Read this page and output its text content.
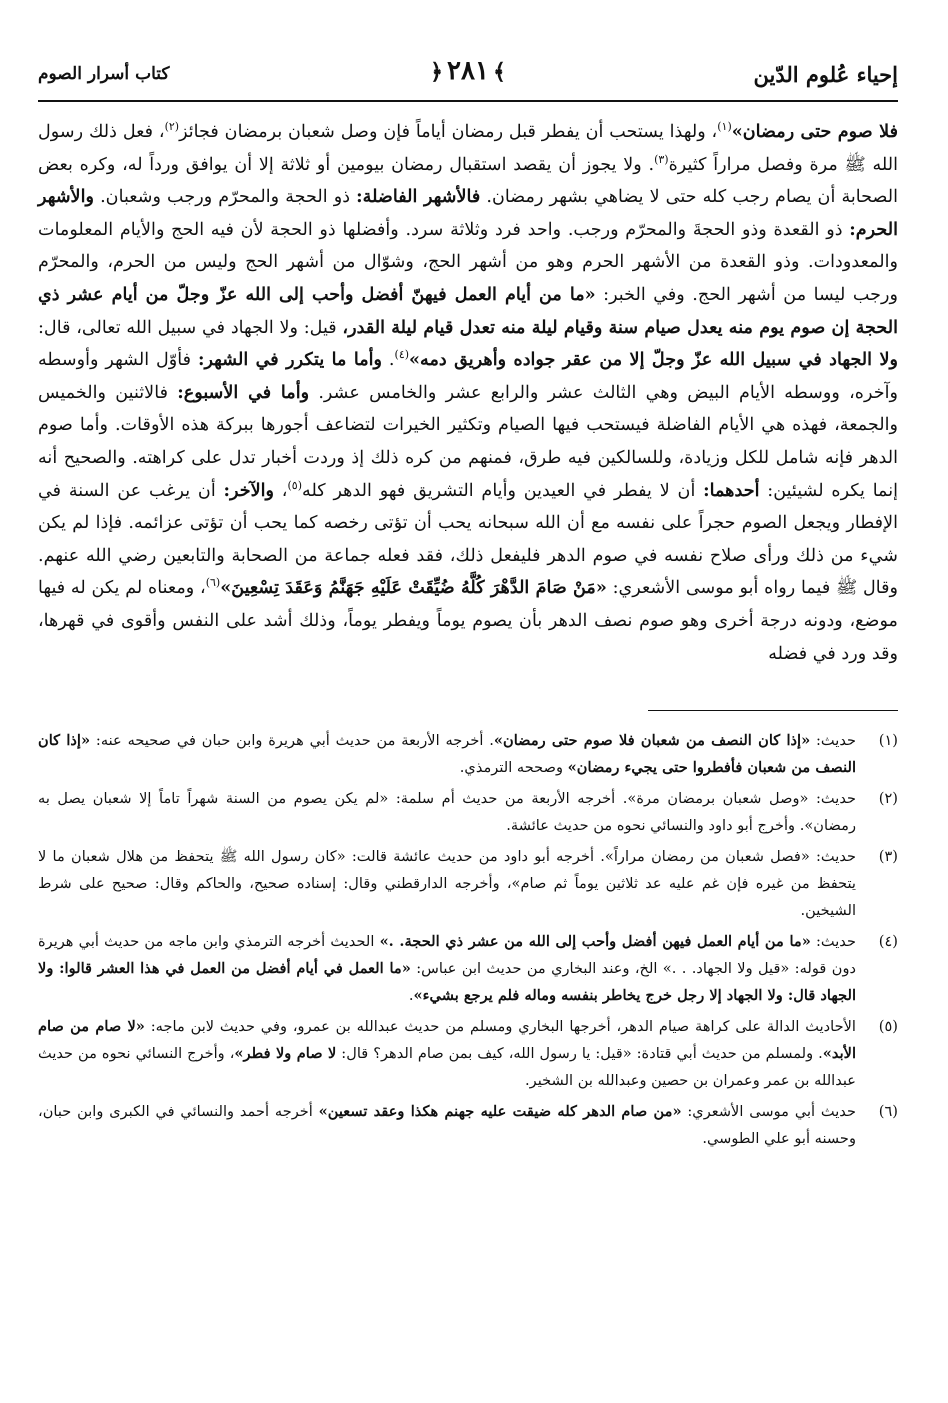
إحياء عُلوم الدّين
﴾٢٨١﴿
كتاب أسرار الصوم

فلا صوم حتى رمضان»$^{(١)}$، ولهذا يستحب أن يفطر قبل رمضان أياماً فإن وصل شعبان برمضان فجائز$^{(٢)}$، فعل ذلك رسول الله ﷺ مرة وفصل مراراً كثيرة$^{(٣)}$. ولا يجوز أن يقصد استقبال رمضان بيومين أو ثلاثة إلا أن يوافق ورداً له، وكره بعض الصحابة أن يصام رجب كله حتى لا يضاهي بشهر رمضان. فالأشهر الفاضلة: ذو الحجة والمحرّم ورجب وشعبان. والأشهر الحرم: ذو القعدة وذو الحجةَ والمحرّم ورجب. واحد فرد وثلاثة سرد. وأفضلها ذو الحجة لأن فيه الحج والأيام المعلومات والمعدودات. وذو القعدة من الأشهر الحرم وهو من أشهر الحج، وشوّال من أشهر الحج وليس من الحرم، والمحرّم ورجب ليسا من أشهر الحج. وفي الخبر: «ما من أيام العمل فيهنّ أفضل وأحب إلى الله عزّ وجلّ من أيام عشر ذي الحجة إن صوم يوم منه يعدل صيام سنة وقيام ليلة منه تعدل قيام ليلة القدر، قيل: ولا الجهاد في سبيل الله تعالى، قال: ولا الجهاد في سبيل الله عزّ وجلّ إلا من عقر جواده وأهريق دمه»$^{(٤)}$. وأما ما يتكرر في الشهر: فأوّل الشهر وأوسطه وآخره، ووسطه الأيام البيض وهي الثالث عشر والرابع عشر والخامس عشر. وأما في الأسبوع: فالاثنين والخميس والجمعة، فهذه هي الأيام الفاضلة فيستحب فيها الصيام وتكثير الخيرات لتضاعف أجورها ببركة هذه الأوقات. وأما صوم الدهر فإنه شامل للكل وزيادة، وللسالكين فيه طرق، فمنهم من كره ذلك إذ وردت أخبار تدل على كراهته. والصحيح أنه إنما يكره لشيئين: أحدهما: أن لا يفطر في العيدين وأيام التشريق فهو الدهر كله$^{(٥)}$، والآخر: أن يرغب عن السنة في الإفطار ويجعل الصوم حجراً على نفسه مع أن الله سبحانه يحب أن تؤتى رخصه كما يحب أن تؤتى عزائمه. فإذا لم يكن شيء من ذلك ورأى صلاح نفسه في صوم الدهر فليفعل ذلك، فقد فعله جماعة من الصحابة والتابعين رضي الله عنهم. وقال ﷺ فيما رواه أبو موسى الأشعري: «مَنْ صَامَ الدَّهْرَ كُلَّهُ ضُيِّقَتْ عَلَيْهِ جَهَنَّمُ وَعَقَدَ تِسْعِينَ»$^{(٦)}$، ومعناه لم يكن له فيها موضع، ودونه درجة أخرى وهو صوم نصف الدهر بأن يصوم يوماً ويفطر يوماً، وذلك أشد على النفس وأقوى في قهرها، وقد ورد في فضله

(١)
حديث: «إذا كان النصف من شعبان فلا صوم حتى رمضان». أخرجه الأربعة من حديث أبي هريرة وابن حبان في صحيحه عنه: «إذا كان النصف من شعبان فأفطروا حتى يجيء رمضان» وصححه الترمذي.
(٢)
حديث: «وصل شعبان برمضان مرة». أخرجه الأربعة من حديث أم سلمة: «لم يكن يصوم من السنة شهراً تاماً إلا شعبان يصل به رمضان». وأخرج أبو داود والنسائي نحوه من حديث عائشة.
(٣)
حديث: «فصل شعبان من رمضان مراراً». أخرجه أبو داود من حديث عائشة قالت: «كان رسول الله ﷺ يتحفظ من هلال شعبان ما لا يتحفظ من غيره فإن غم عليه عد ثلاثين يوماً ثم صام»، وأخرجه الدارقطني وقال: إسناده صحيح، والحاكم وقال: صحيح على شرط الشيخين.
(٤)
حديث: «ما من أيام العمل فيهن أفضل وأحب إلى الله من عشر ذي الحجة. .» الحديث أخرجه الترمذي وابن ماجه من حديث أبي هريرة دون قوله: «قيل ولا الجهاد. . .» الخ، وعند البخاري من حديث ابن عباس: «ما العمل في أيام أفضل من العمل في هذا العشر قالوا: ولا الجهاد قال: ولا الجهاد إلا رجل خرج يخاطر بنفسه وماله فلم يرجع بشيء».
(٥)
الأحاديث الدالة على كراهة صيام الدهر، أخرجها البخاري ومسلم من حديث عبدالله بن عمرو، وفي حديث لابن ماجه: «لا صام من صام الأبد». ولمسلم من حديث أبي قتادة: «قيل: يا رسول الله، كيف بمن صام الدهر؟ قال: لا صام ولا فطر»، وأخرج النسائي نحوه من حديث عبدالله بن عمر وعمران بن حصين وعبدالله بن الشخير.
(٦)
حديث أبي موسى الأشعري: «من صام الدهر كله ضيقت عليه جهنم هكذا وعقد تسعين» أخرجه أحمد والنسائي في الكبرى وابن حبان، وحسنه أبو علي الطوسي.
